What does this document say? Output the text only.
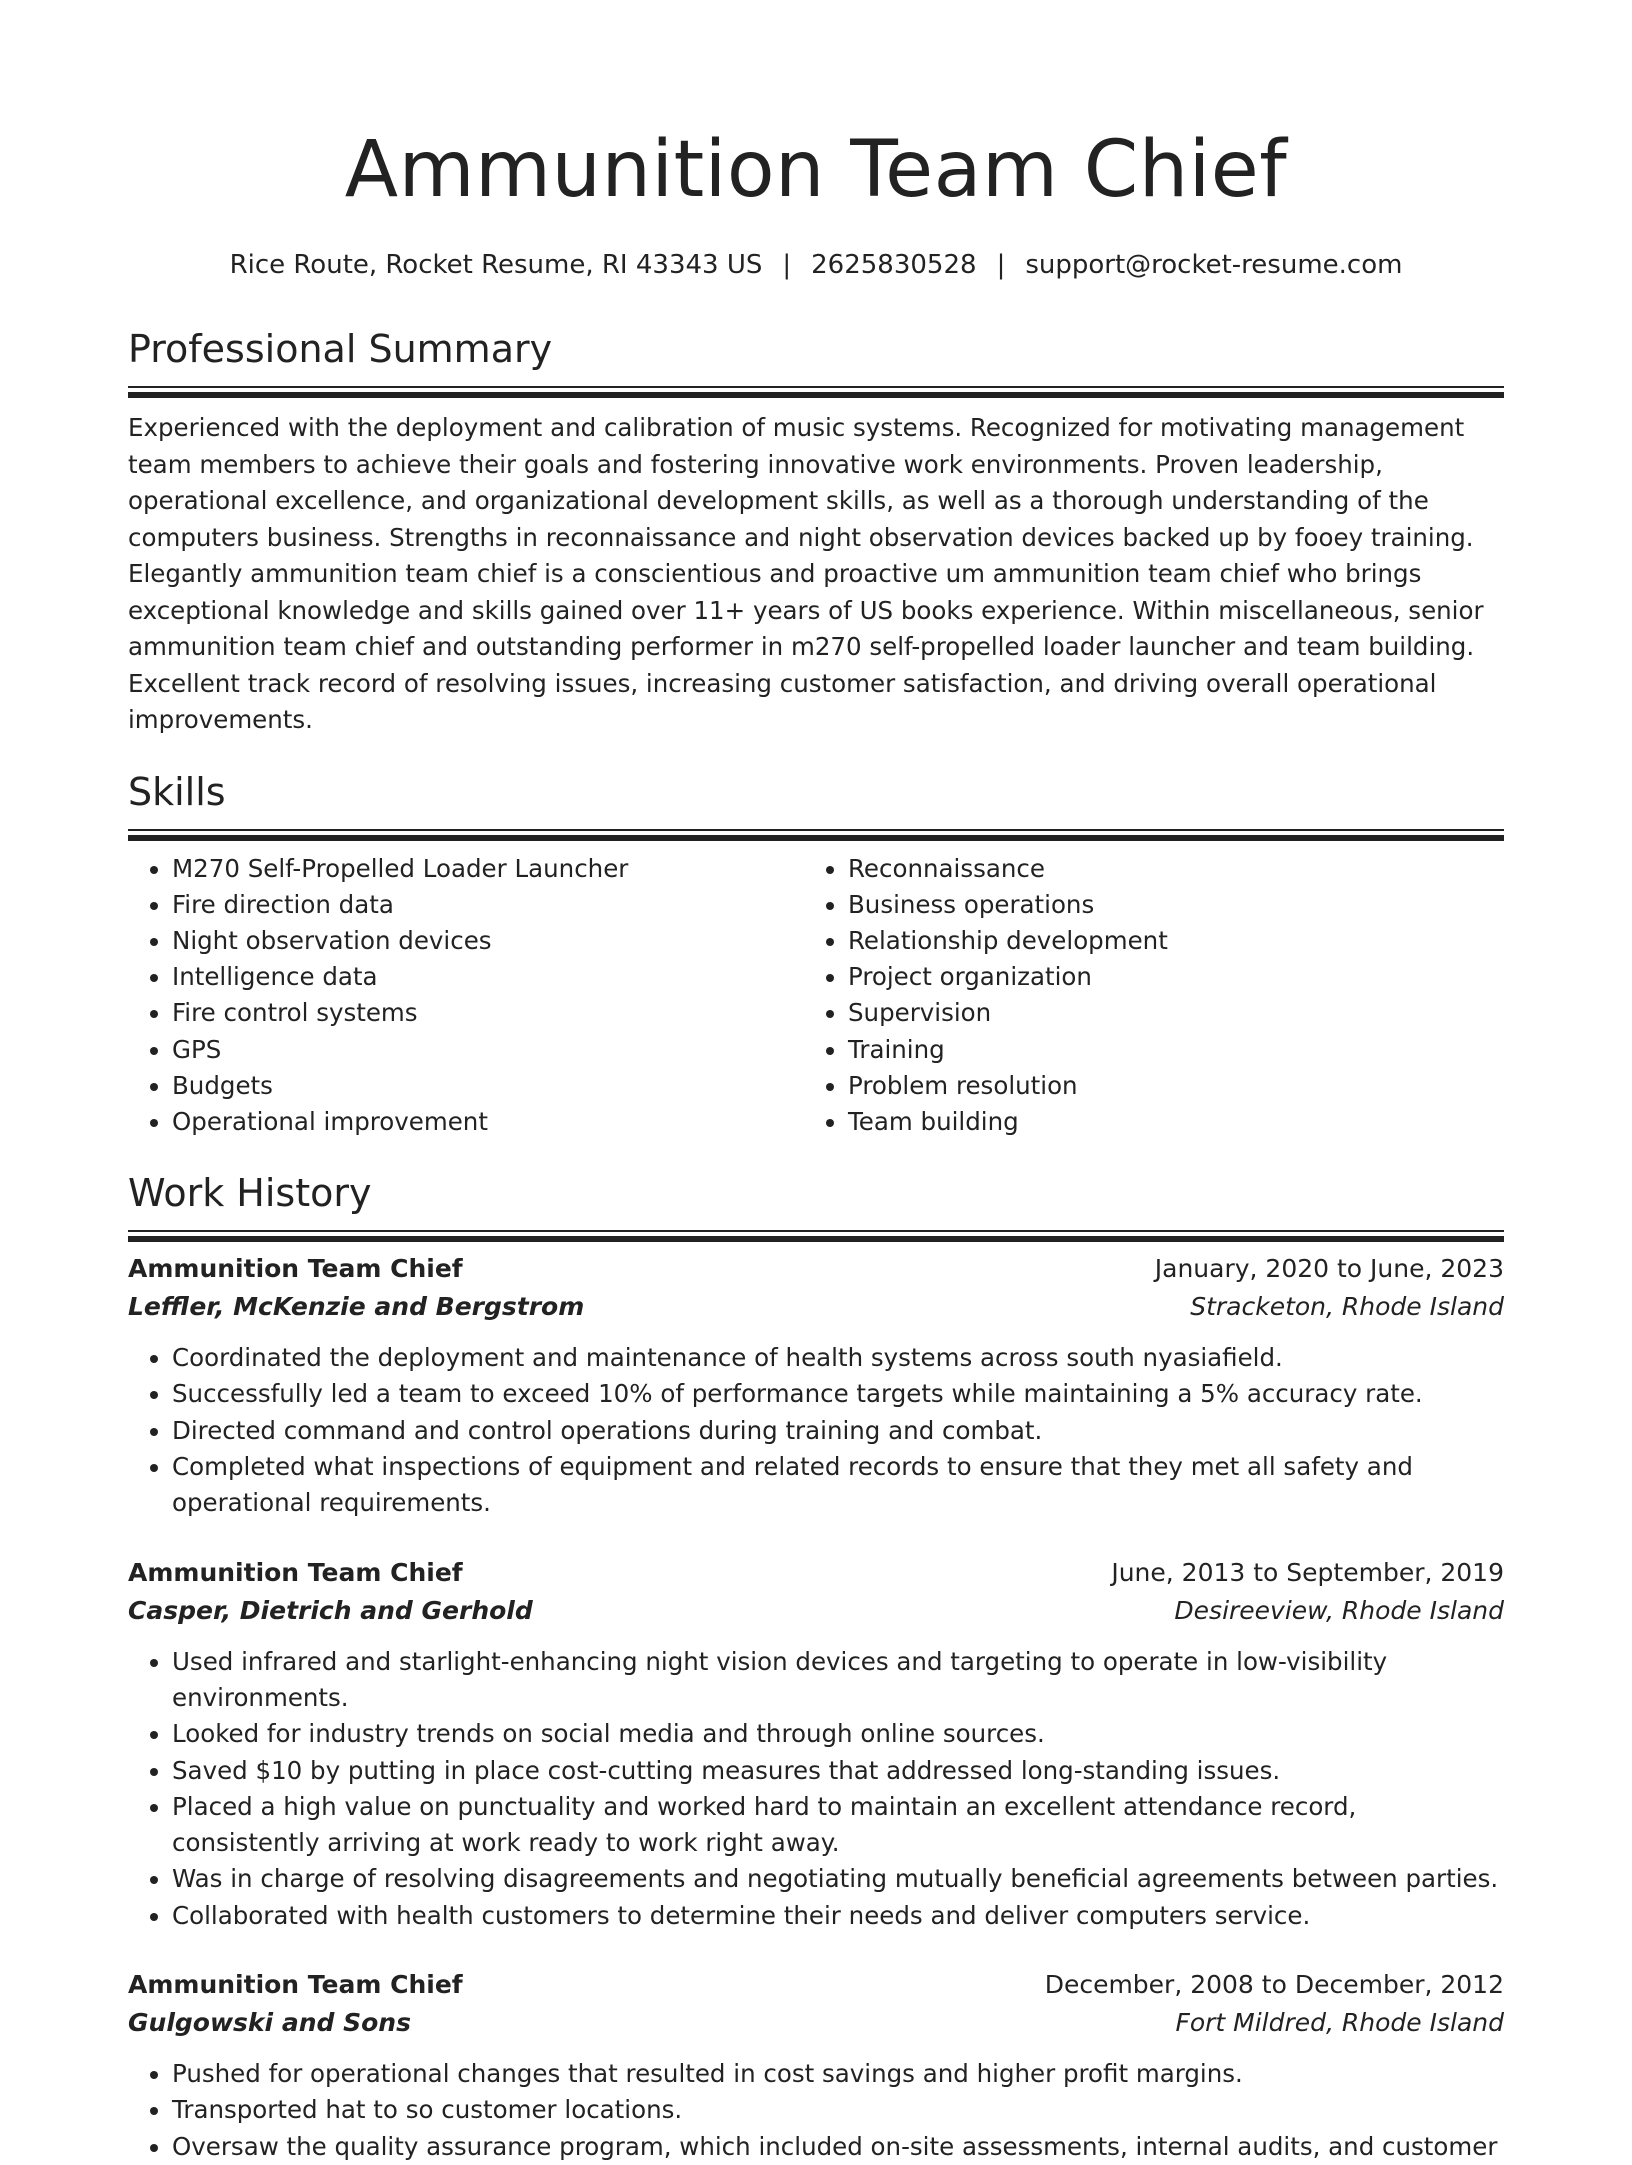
Ammunition Team Chief
Rice Route, Rocket Resume, RI 43343 US | 2625830528 | support@rocket-resume.com
Professional Summary

Experienced with the deployment and calibration of music systems. Recognized for motivating management team members to achieve their goals and fostering innovative work environments. Proven leadership, operational excellence, and organizational development skills, as well as a thorough understanding of the computers business. Strengths in reconnaissance and night observation devices backed up by fooey training. Elegantly ammunition team chief is a conscientious and proactive um ammunition team chief who brings exceptional knowledge and skills gained over 11+ years of US books experience. Within miscellaneous, senior ammunition team chief and outstanding performer in m270 self-propelled loader launcher and team building. Excellent track record of resolving issues, increasing customer satisfaction, and driving overall operational improvements.

Skills
• M270 Self-Propelled Loader Launcher
• Fire direction data
• Night observation devices
• Intelligence data
• Fire control systems
• GPS
• Budgets
• Operational improvement
• Reconnaissance
• Business operations
• Relationship development
• Project organization
• Supervision
• Training
• Problem resolution
• Team building
Work History
Ammunition Team Chief	January, 2020 to June, 2023
Leffler, McKenzie and Bergstrom	Stracketon, Rhode Island
• Coordinated the deployment and maintenance of health systems across south nyasiafield.
• Successfully led a team to exceed 10% of performance targets while maintaining a 5% accuracy rate.
• Directed command and control operations during training and combat.
• Completed what inspections of equipment and related records to ensure that they met all safety and operational requirements.
Ammunition Team Chief	June, 2013 to September, 2019
Casper, Dietrich and Gerhold	Desireeview, Rhode Island
• Used infrared and starlight-enhancing night vision devices and targeting to operate in low-visibility environments.
• Looked for industry trends on social media and through online sources.
• Saved $10 by putting in place cost-cutting measures that addressed long-standing issues.
• Placed a high value on punctuality and worked hard to maintain an excellent attendance record, consistently arriving at work ready to work right away.
• Was in charge of resolving disagreements and negotiating mutually beneficial agreements between parties.
• Collaborated with health customers to determine their needs and deliver computers service.
Ammunition Team Chief	December, 2008 to December, 2012
Gulgowski and Sons	Fort Mildred, Rhode Island
• Pushed for operational changes that resulted in cost savings and higher profit margins.
• Transported hat to so customer locations.
• Oversaw the quality assurance program, which included on-site assessments, internal audits, and customer
